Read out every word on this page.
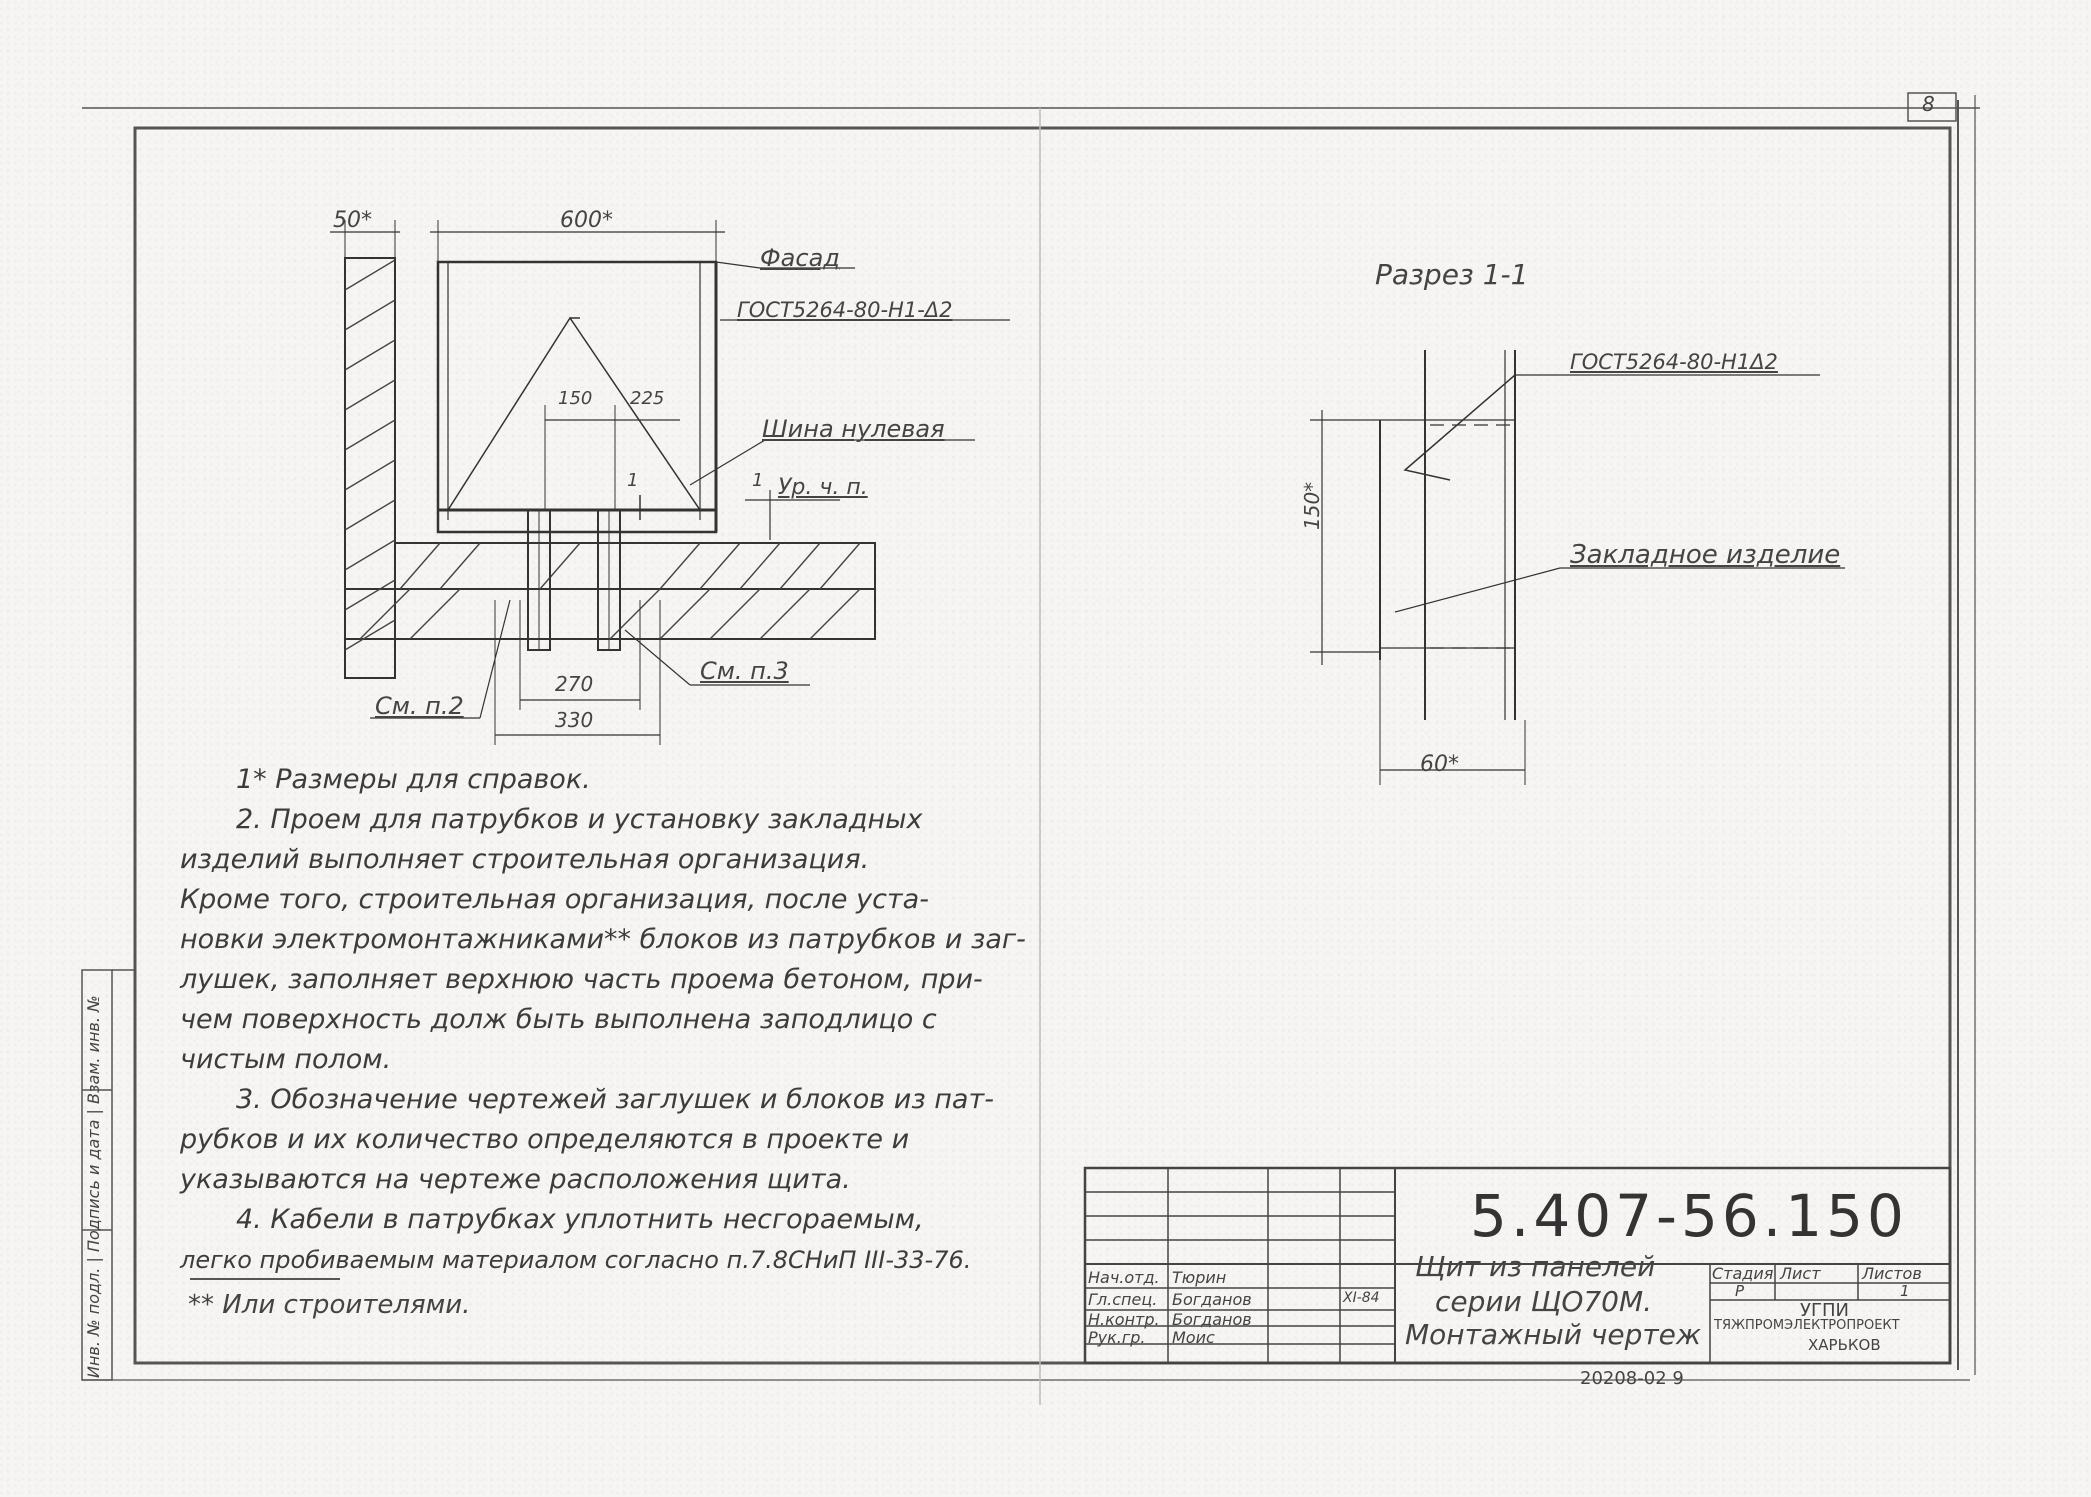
8
50*	600*
Фасад
ГОСТ5264-80-Н1-Δ2
150 225
Шина нулевая
1	1 Ур. ч. п.
См. п.3
См. п.2
270
330
Разрез 1-1
ГОСТ5264-80-Н1Δ2
Закладное изделие
150*
60*

1* Размеры для справок.

2. Проем для патрубков и установку закладных

изделий выполняет строительная организация.

Кроме того, строительная организация, после уста-

новки электромонтажниками** блоков из патрубков и заг-

лушек, заполняет верхнюю часть проема бетоном, при-

чем поверхность долж быть выполнена заподлицо с

чистым полом.

3. Обозначение чертежей заглушек и блоков из пат-

рубков и их количество определяются в проекте и

указываются на чертеже расположения щита.

4. Кабели в патрубках уплотнить несгораемым,

легко пробиваемым материалом согласно п.7.8СНиП III-33-76.

** Или строителями.
Инв. № подл. | Подпись и дата | Взам. инв. №	5.407-56.150
Нач.отд. Тюрин
Гл.спец. Богданов	XI-84
Н.контр. Богданов
Рук.гр. Моис
Щит из панелей
серии ЩО70М.
Монтажный чертеж
Стадия Лист	Листов
Р	1
УГПИ
ТЯЖПРОМЭЛЕКТРОПРОЕКТ
ХАРЬКОВ
20208-02 9
